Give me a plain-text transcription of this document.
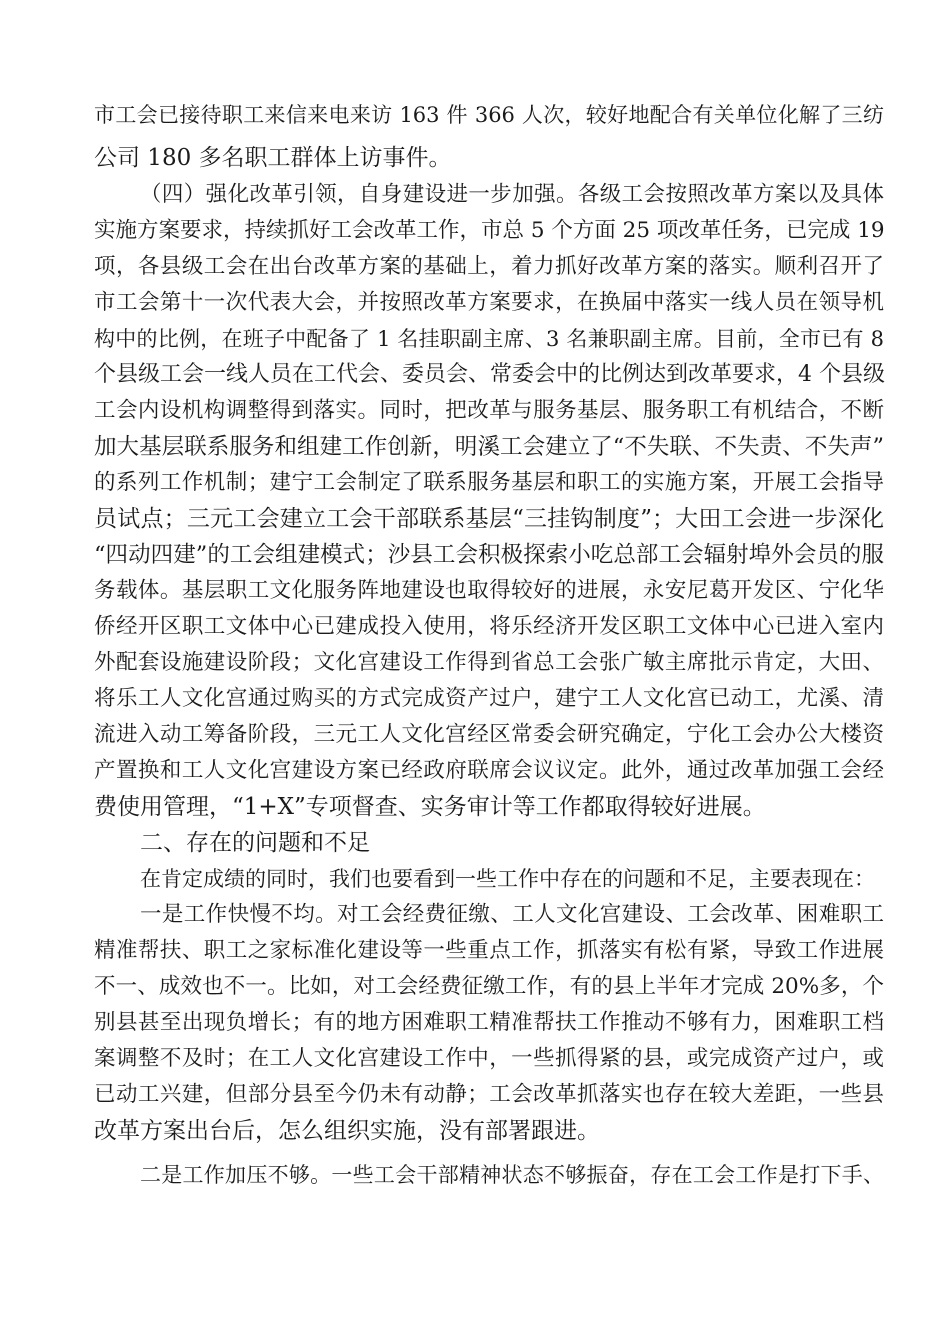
市工会已接待职工来信来电来访 163 件 366 人次，较好地配合有关单位化解了三纺
公司 180 多名职工群体上访事件。
（四）强化改革引领，自身建设进一步加强。各级工会按照改革方案以及具体
实施方案要求，持续抓好工会改革工作，市总 5 个方面 25 项改革任务，已完成 19
项，各县级工会在出台改革方案的基础上，着力抓好改革方案的落实。顺利召开了
市工会第十一次代表大会，并按照改革方案要求，在换届中落实一线人员在领导机
构中的比例，在班子中配备了 1 名挂职副主席、3 名兼职副主席。目前，全市已有 8
个县级工会一线人员在工代会、委员会、常委会中的比例达到改革要求，4 个县级
工会内设机构调整得到落实。同时，把改革与服务基层、服务职工有机结合，不断
加大基层联系服务和组建工作创新，明溪工会建立了“不失联、不失责、不失声”
的系列工作机制；建宁工会制定了联系服务基层和职工的实施方案，开展工会指导
员试点；三元工会建立工会干部联系基层“三挂钩制度”；大田工会进一步深化
“四动四建”的工会组建模式；沙县工会积极探索小吃总部工会辐射埠外会员的服
务载体。基层职工文化服务阵地建设也取得较好的进展，永安尼葛开发区、宁化华
侨经开区职工文体中心已建成投入使用，将乐经济开发区职工文体中心已进入室内
外配套设施建设阶段；文化宫建设工作得到省总工会张广敏主席批示肯定，大田、
将乐工人文化宫通过购买的方式完成资产过户，建宁工人文化宫已动工，尤溪、清
流进入动工筹备阶段，三元工人文化宫经区常委会研究确定，宁化工会办公大楼资
产置换和工人文化宫建设方案已经政府联席会议议定。此外，通过改革加强工会经
费使用管理，“1+X”专项督查、实务审计等工作都取得较好进展。
二、存在的问题和不足
在肯定成绩的同时，我们也要看到一些工作中存在的问题和不足，主要表现在：
一是工作快慢不均。对工会经费征缴、工人文化宫建设、工会改革、困难职工
精准帮扶、职工之家标准化建设等一些重点工作，抓落实有松有紧，导致工作进展
不一、成效也不一。比如，对工会经费征缴工作，有的县上半年才完成 20%多，个
别县甚至出现负增长；有的地方困难职工精准帮扶工作推动不够有力，困难职工档
案调整不及时；在工人文化宫建设工作中，一些抓得紧的县，或完成资产过户，或
已动工兴建，但部分县至今仍未有动静；工会改革抓落实也存在较大差距，一些县
改革方案出台后，怎么组织实施，没有部署跟进。
二是工作加压不够。一些工会干部精神状态不够振奋，存在工会工作是打下手、
